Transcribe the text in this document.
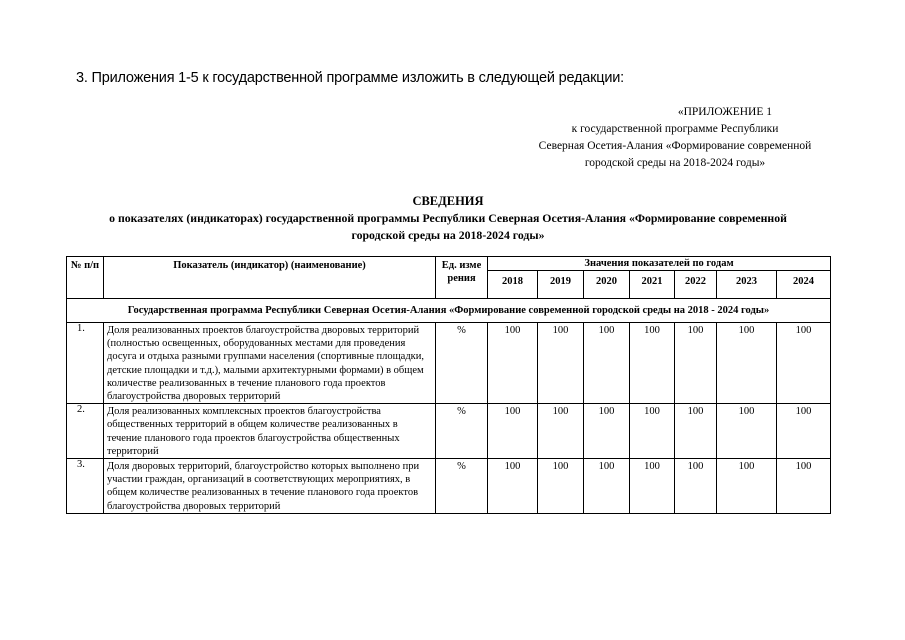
3. Приложения 1-5 к государственной программе изложить в следующей редакции:
«ПРИЛОЖЕНИЕ 1
к государственной программе Республики
Северная Осетия-Алания «Формирование современной
городской среды на 2018-2024 годы»
СВЕДЕНИЯ
о показателях (индикаторах) государственной программы Республики Северная Осетия-Алания «Формирование современной
городской среды на 2018-2024 годы»
№ п/п	Показатель (индикатор) (наименование)	Ед. измерения	Значения показателей по годам						
			2018	2019	2020	2021	2022	2023	2024
Государственная программа Республики Северная Осетия-Алания «Формирование современной городской среды на 2018 - 2024 годы»									
1.	Доля реализованных проектов благоустройства дворовых территорий (полностью освещенных, оборудованных местами для проведения досуга и отдыха разными группами населения (спортивные площадки, детские площадки и т.д.), малыми архитектурными формами) в общем количестве реализованных в течение планового года проектов благоустройства дворовых территорий	%	100	100	100	100	100	100	100
2.	Доля реализованных комплексных проектов благоустройства общественных территорий в общем количестве реализованных в течение планового года проектов благоустройства общественных территорий	%	100	100	100	100	100	100	100
3.	Доля дворовых территорий, благоустройство которых выполнено при участии граждан, организаций в соответствующих мероприятиях, в общем количестве реализованных в течение планового года проектов благоустройства дворовых территорий	%	100	100	100	100	100	100	100
